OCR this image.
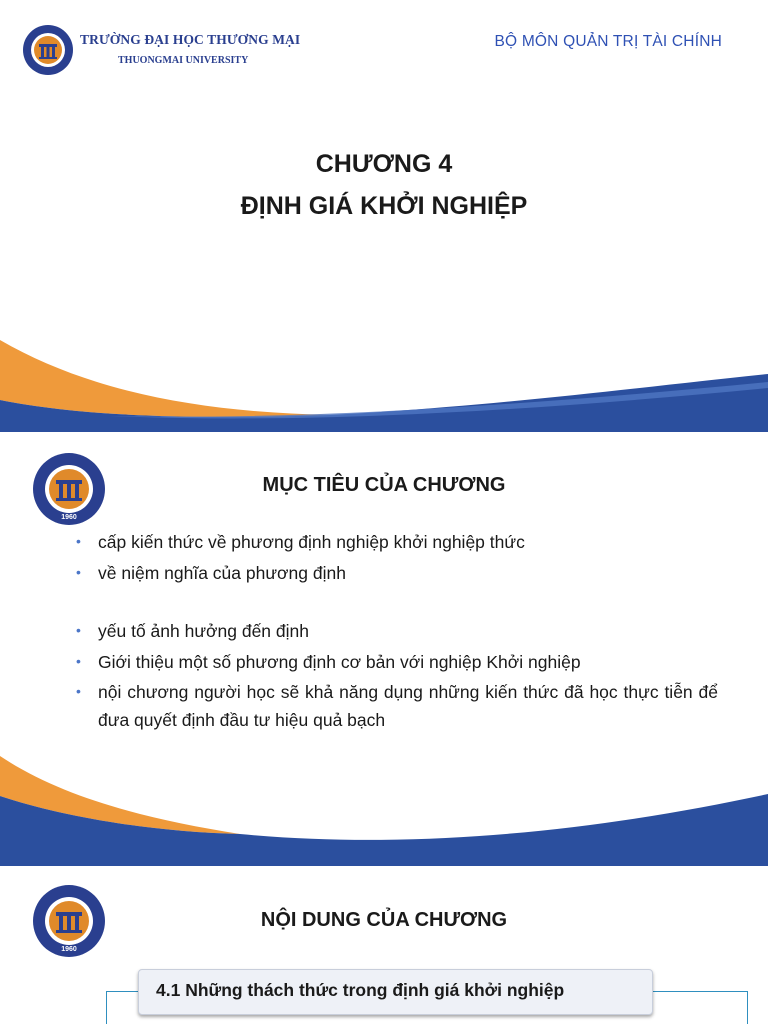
TRƯỜNG ĐẠI HỌC THƯƠNG MẠI
THUONGMAI UNIVERSITY
BỘ MÔN QUẢN TRỊ TÀI CHÍNH
CHƯƠNG 4
ĐỊNH GIÁ KHỞI NGHIỆP
1960
MỤC TIÊU CỦA CHƯƠNG
• cấp kiến thức về phương định nghiệp khởi nghiệp thức
• về niệm nghĩa của phương định
• yếu tố ảnh hưởng đến định
• Giới thiệu một số phương định cơ bản với nghiệp Khởi nghiệp
• nội chương người học sẽ khả năng dụng những kiến thức đã học thực tiễn để đưa quyết định đầu tư hiệu quả bạch
1960
NỘI DUNG CỦA CHƯƠNG
4.1 Những thách thức trong định giá khởi nghiệp
